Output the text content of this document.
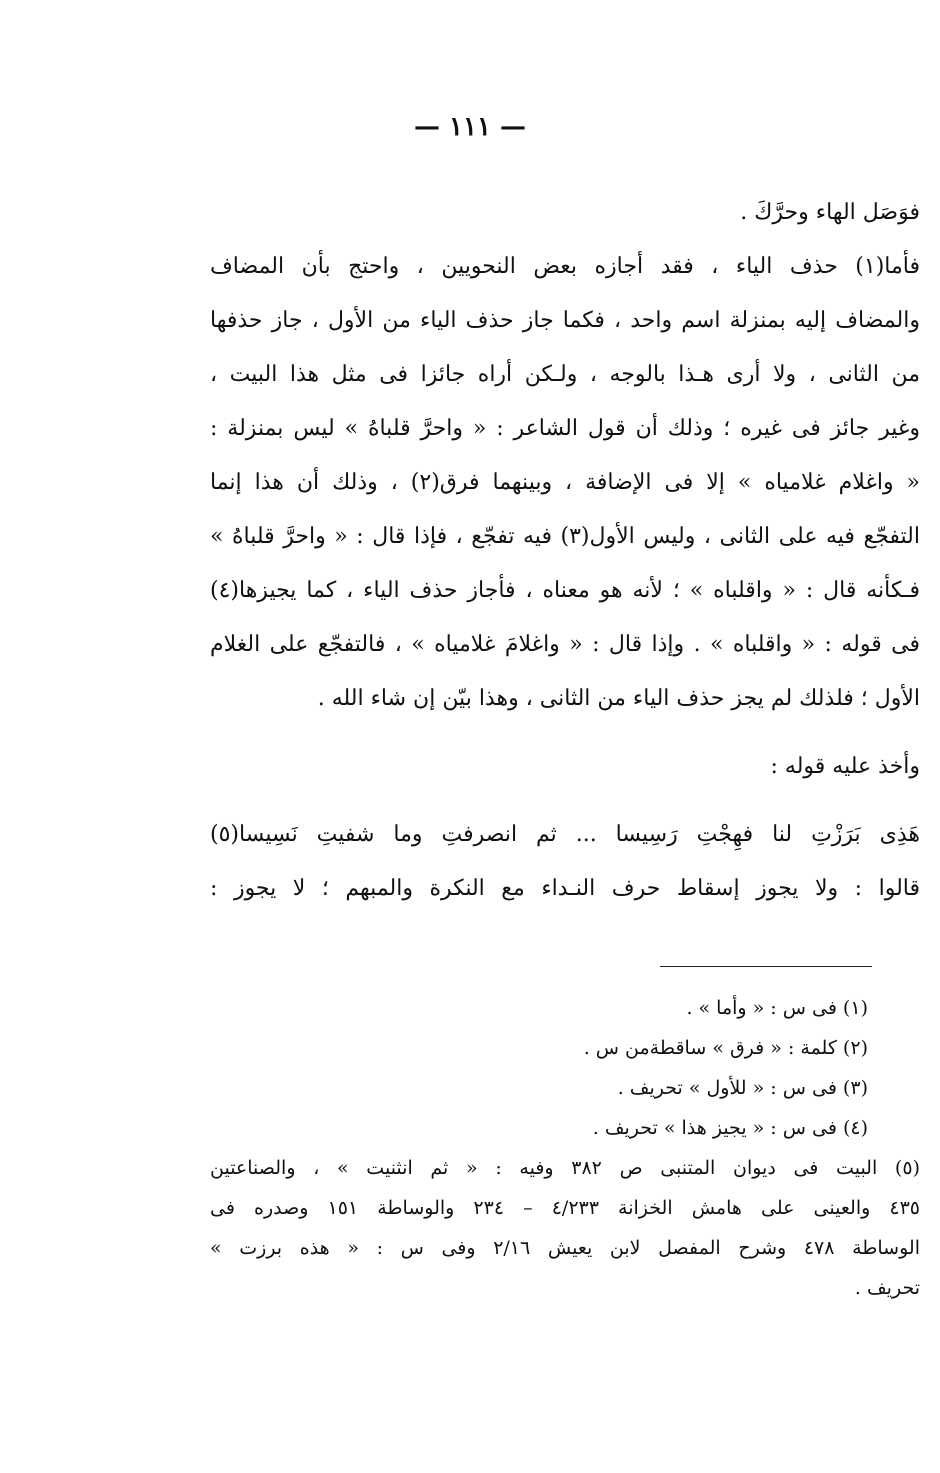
— ١١١ —
فوَصَل الهاء وحرَّكَ .
فأما(١) حذف الياء ، فقد أجازه بعض النحويين ، واحتج بأن المضاف
والمضاف إليه بمنزلة اسم واحد ، فكما جاز حذف الياء من الأول ، جاز حذفها
من الثانى ، ولا أرى هـذا بالوجه ، ولـكن أراه جائزا فى مثل هذا البيت ،
وغير جائز فى غيره ؛ وذلك أن قول الشاعر : « واحرَّ قلباهُ » ليس بمنزلة :
« واغلام غلامياه » إلا فى الإضافة ، وبينهما فرق(٢) ، وذلك أن هذا إنما
التفجّع فيه على الثانى ، وليس الأول(٣) فيه تفجّع ، فإذا قال : « واحرَّ قلباهُ »
فـكأنه قال : « واقلباه » ؛ لأنه هو معناه ، فأجاز حذف الياء ، كما يجيزها(٤)
فى قوله : « واقلباه » . وإذا قال : « واغلامَ غلامياه » ، فالتفجّع على الغلام
الأول ؛ فلذلك لم يجز حذف الياء من الثانى ، وهذا بيّن إن شاء الله .
وأخذ عليه قوله :
هَذِى بَرَزْتِ لنا فهِجْتِ رَسِيسا ... ثم انصرفتِ وما شفيتِ نَسِيسا(٥)
قالوا : ولا يجوز إسقاط حرف النـداء مع النكرة والمبهم ؛ لا يجوز :
(١) فى س : « وأما » .
(٢) كلمة : « فرق » ساقطةمن س .
(٣) فى س : « للأول » تحريف .
(٤) فى س : « يجيز هذا » تحريف .
(٥) البيت فى ديوان المتنبى ص ٣٨٢ وفيه : « ثم انثنيت » ، والصناعتين
٤٣٥ والعينى على هامش الخزانة ٤/٢٣٣ – ٢٣٤ والوساطة ١٥١ وصدره فى
الوساطة ٤٧٨ وشرح المفصل لابن يعيش ٢/١٦ وفى س : « هذه برزت »
تحريف .
